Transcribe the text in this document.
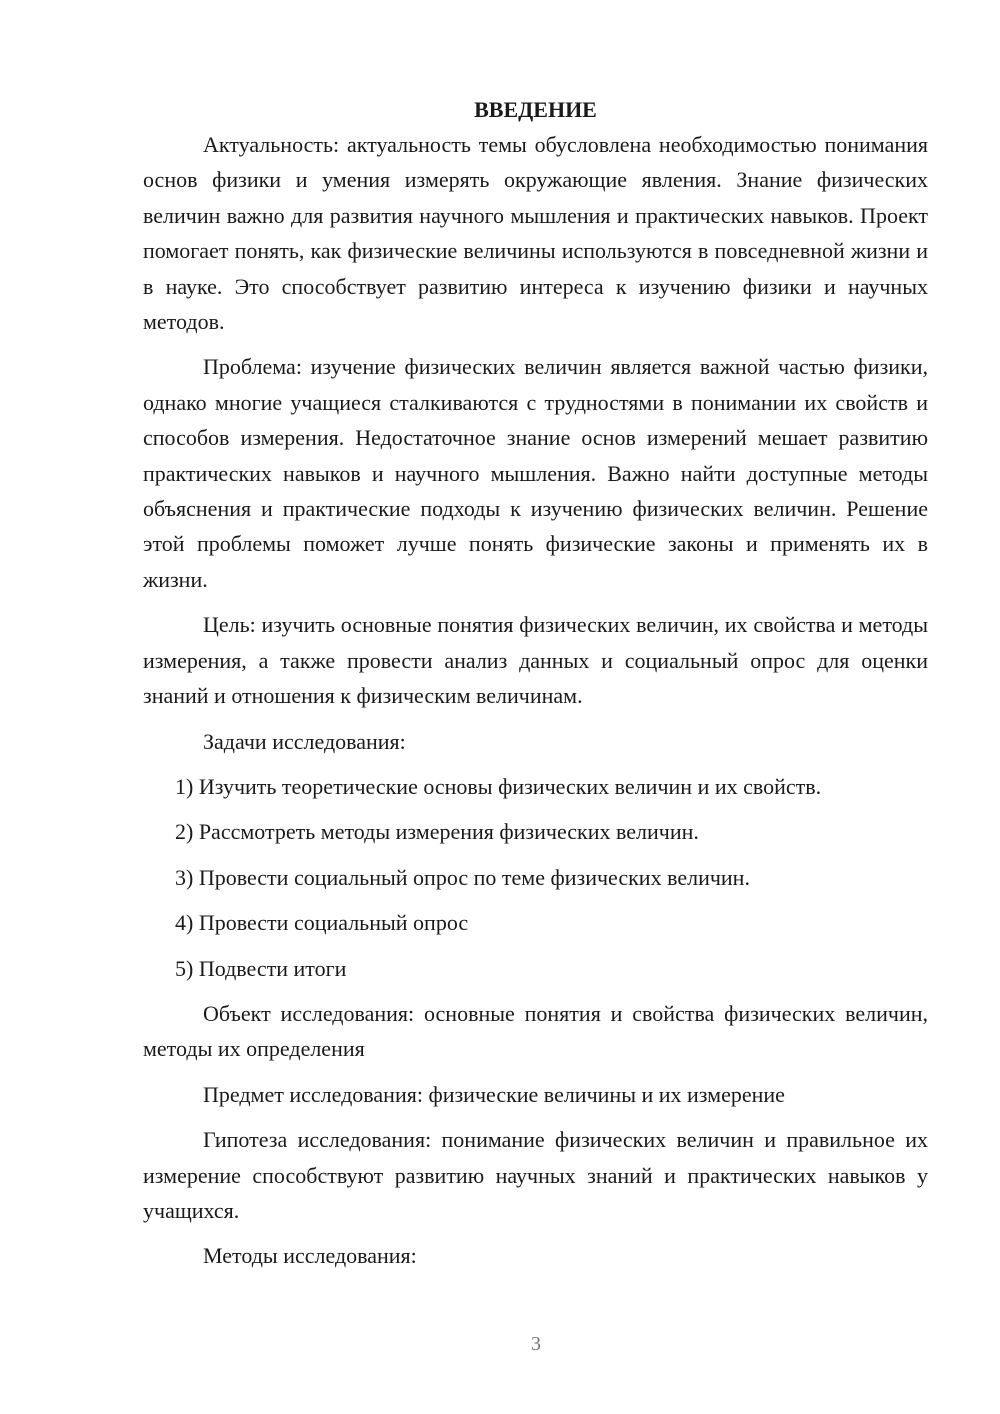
ВВЕДЕНИЕ

Актуальность: актуальность темы обусловлена необходимостью понимания основ физики и умения измерять окружающие явления. Знание физических величин важно для развития научного мышления и практических навыков. Проект помогает понять, как физические величины используются в повседневной жизни и в науке. Это способствует развитию интереса к изучению физики и научных методов.

Проблема: изучение физических величин является важной частью физики, однако многие учащиеся сталкиваются с трудностями в понимании их свойств и способов измерения. Недостаточное знание основ измерений мешает развитию практических навыков и научного мышления. Важно найти доступные методы объяснения и практические подходы к изучению физических величин. Решение этой проблемы поможет лучше понять физические законы и применять их в жизни.

Цель: изучить основные понятия физических величин, их свойства и методы измерения, а также провести анализ данных и социальный опрос для оценки знаний и отношения к физическим величинам.

Задачи исследования:

1) Изучить теоретические основы физических величин и их свойств.
2) Рассмотреть методы измерения физических величин.
3) Провести социальный опрос по теме физических величин.
4) Провести социальный опрос
5) Подвести итоги

Объект исследования: основные понятия и свойства физических величин, методы их определения

Предмет исследования: физические величины и их измерение

Гипотеза исследования: понимание физических величин и правильное их измерение способствуют развитию научных знаний и практических навыков у учащихся.

Методы исследования:

3
